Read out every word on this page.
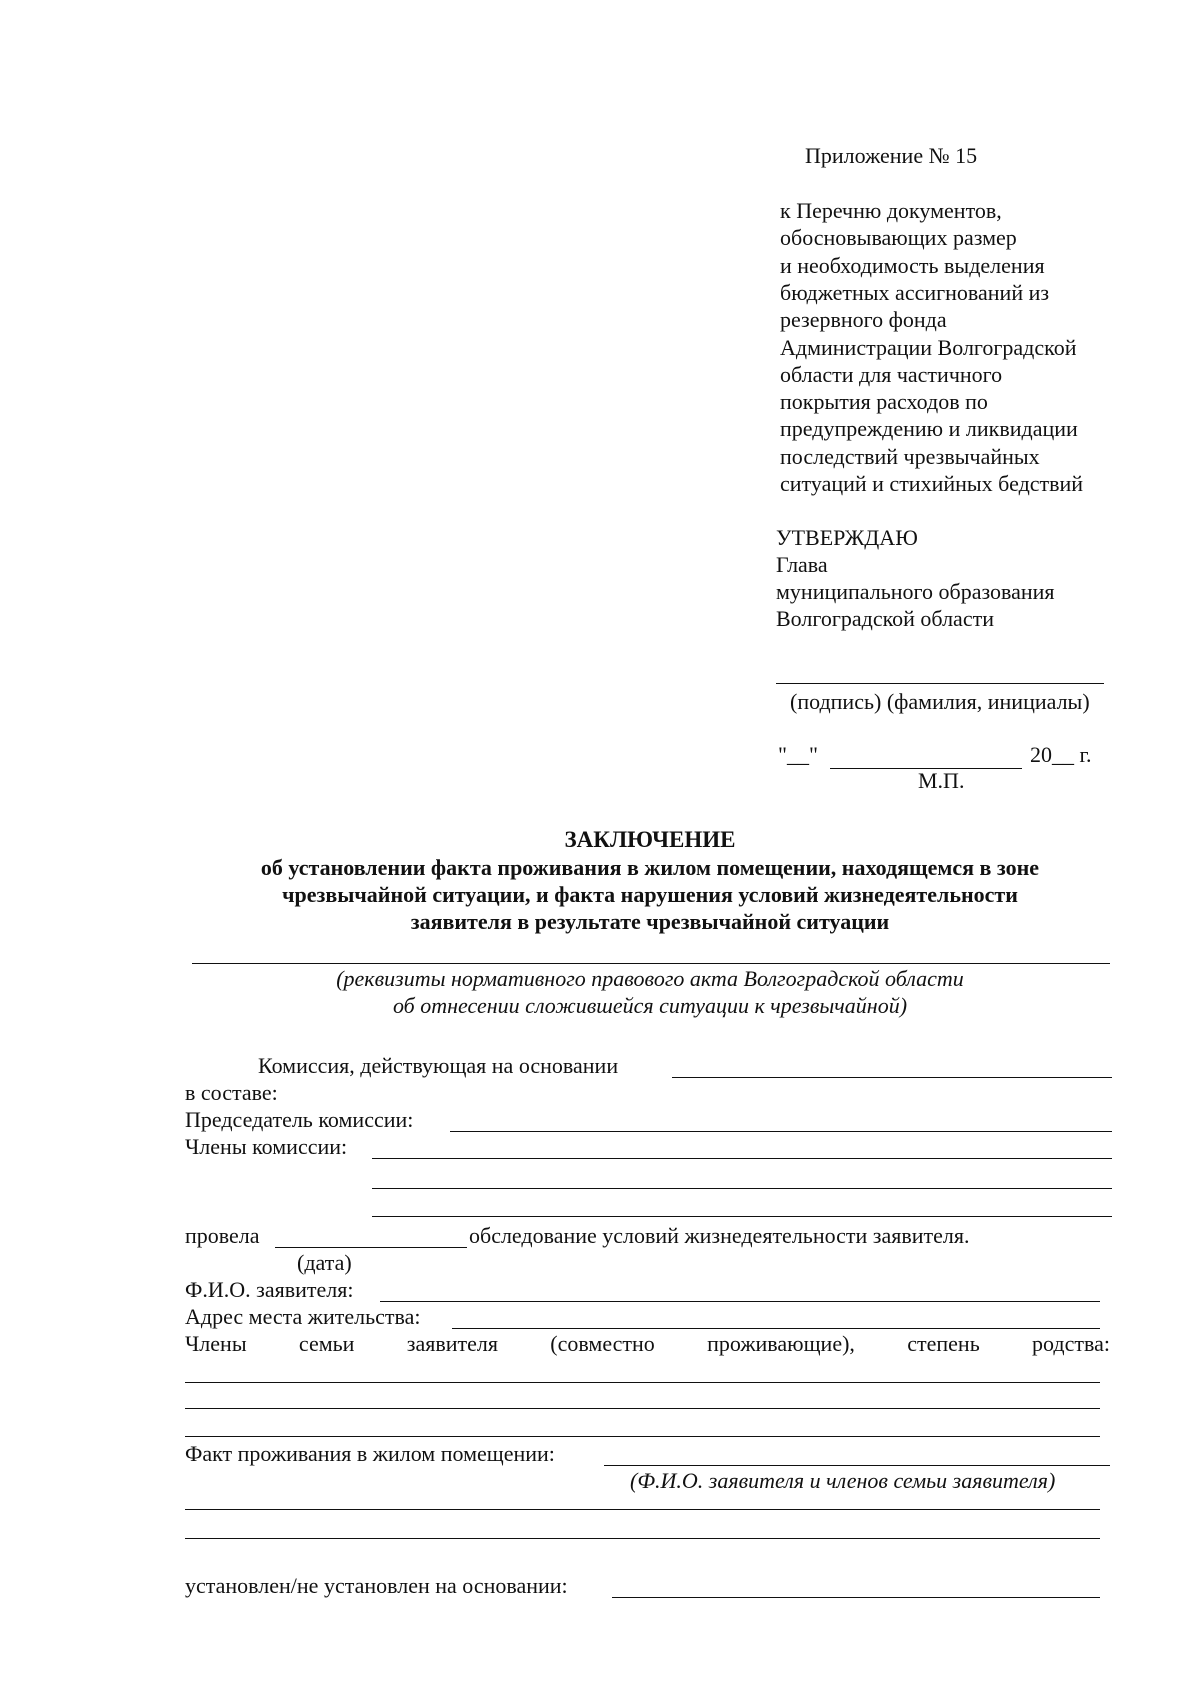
Приложение № 15
к Перечню документов,
обосновывающих размер
и необходимость выделения
бюджетных ассигнований из
резервного фонда
Администрации Волгоградской
области для частичного
покрытия расходов по
предупреждению и ликвидации
последствий чрезвычайных
ситуаций и стихийных бедствий
УТВЕРЖДАЮ
Глава
муниципального образования
Волгоградской области
(подпись) (фамилия, инициалы)
"__"	20__ г.
М.П.
ЗАКЛЮЧЕНИЕ
об установлении факта проживания в жилом помещении, находящемся в зоне
чрезвычайной ситуации, и факта нарушения условий жизнедеятельности
заявителя в результате чрезвычайной ситуации
(реквизиты нормативного правового акта Волгоградской области
об отнесении сложившейся ситуации к чрезвычайной)
Комиссия, действующая на основании
в составе:
Председатель комиссии:
Члены комиссии:
провела	обследование условий жизнедеятельности заявителя.
(дата)
Ф.И.О. заявителя:
Адрес места жительства:
Члены семьи заявителя (совместно проживающие), степень родства:
Факт проживания в жилом помещении:
(Ф.И.О. заявителя и членов семьи заявителя)
установлен/не установлен на основании:
